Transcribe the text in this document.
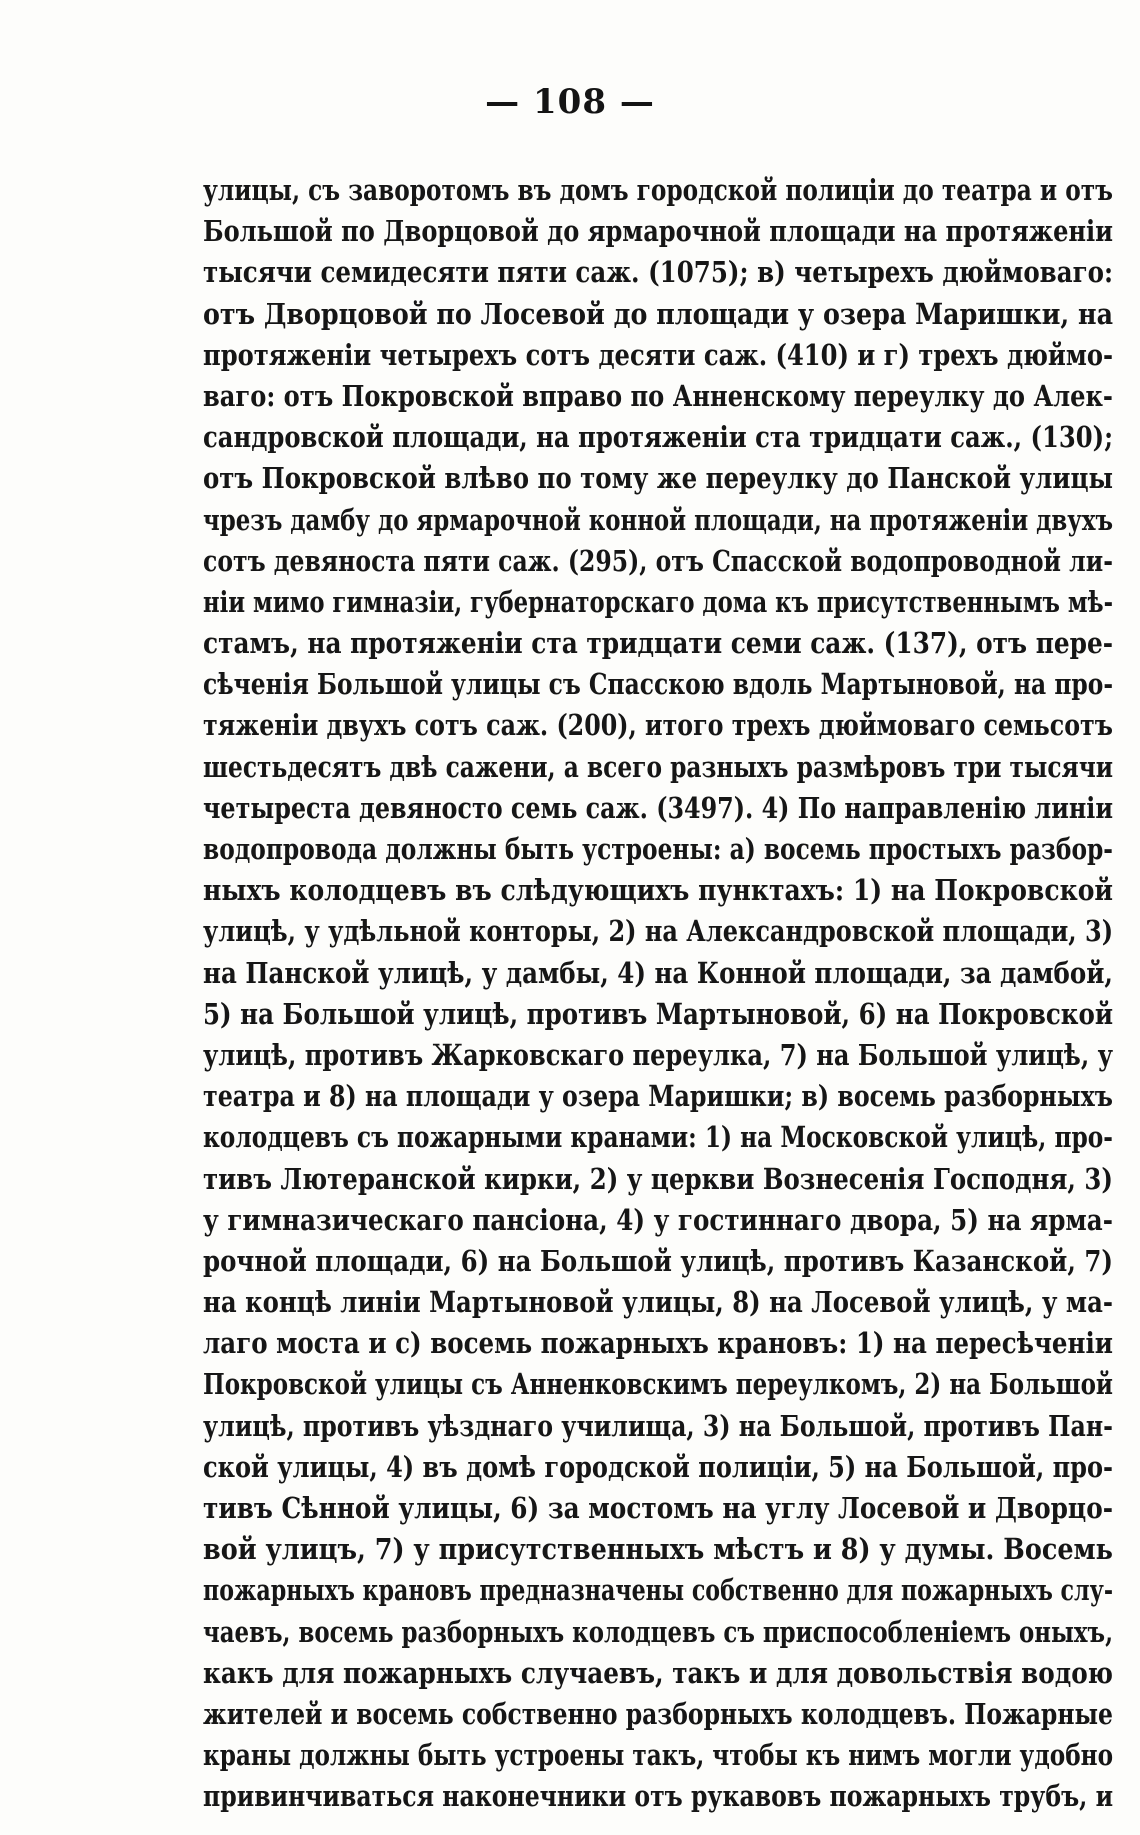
— 108 —
улицы, съ заворотомъ въ домъ городской полиціи до театра и отъ
Большой по Дворцовой до ярмарочной площади на протяженіи
тысячи семидесяти пяти саж. (1075); в) четырехъ дюймоваго:
отъ Дворцовой по Лосевой до площади у озера Маришки, на
протяженіи четырехъ сотъ десяти саж. (410) и г) трехъ дюймо-
ваго: отъ Покровской вправо по Анненскому переулку до Алек-
сандровской площади, на протяженіи ста тридцати саж., (130);
отъ Покровской влѣво по тому же переулку до Панской улицы
чрезъ дамбу до ярмарочной конной площади, на протяженіи двухъ
сотъ девяноста пяти саж. (295), отъ Спасской водопроводной ли-
ніи мимо гимназіи, губернаторскаго дома къ присутственнымъ мѣ-
стамъ, на протяженіи ста тридцати семи саж. (137), отъ пере-
сѣченія Большой улицы съ Спасскою вдоль Мартыновой, на про-
тяженіи двухъ сотъ саж. (200), итого трехъ дюймоваго семьсотъ
шестьдесятъ двѣ сажени, а всего разныхъ размѣровъ три тысячи
четыреста девяносто семь саж. (3497). 4) По направленію линіи
водопровода должны быть устроены: а) восемь простыхъ разбор-
ныхъ колодцевъ въ слѣдующихъ пунктахъ: 1) на Покровской
улицѣ, у удѣльной конторы, 2) на Александровской площади, 3)
на Панской улицѣ, у дамбы, 4) на Конной площади, за дамбой,
5) на Большой улицѣ, противъ Мартыновой, 6) на Покровской
улицѣ, противъ Жарковскаго переулка, 7) на Большой улицѣ, у
театра и 8) на площади у озера Маришки; в) восемь разборныхъ
колодцевъ съ пожарными кранами: 1) на Московской улицѣ, про-
тивъ Лютеранской кирки, 2) у церкви Вознесенія Господня, 3)
у гимназическаго пансіона, 4) у гостиннаго двора, 5) на ярма-
рочной площади, 6) на Большой улицѣ, противъ Казанской, 7)
на концѣ линіи Мартыновой улицы, 8) на Лосевой улицѣ, у ма-
лаго моста и с) восемь пожарныхъ крановъ: 1) на пересѣченіи
Покровской улицы съ Анненковскимъ переулкомъ, 2) на Большой
улицѣ, противъ уѣзднаго училища, 3) на Большой, противъ Пан-
ской улицы, 4) въ домѣ городской полиціи, 5) на Большой, про-
тивъ Сѣнной улицы, 6) за мостомъ на углу Лосевой и Дворцо-
вой улицъ, 7) у присутственныхъ мѣстъ и 8) у думы. Восемь
пожарныхъ крановъ предназначены собственно для пожарныхъ слу-
чаевъ, восемь разборныхъ колодцевъ съ приспособленіемъ оныхъ,
какъ для пожарныхъ случаевъ, такъ и для довольствія водою
жителей и восемь собственно разборныхъ колодцевъ. Пожарные
краны должны быть устроены такъ, чтобы къ нимъ могли удобно
привинчиваться наконечники отъ рукавовъ пожарныхъ трубъ, и
